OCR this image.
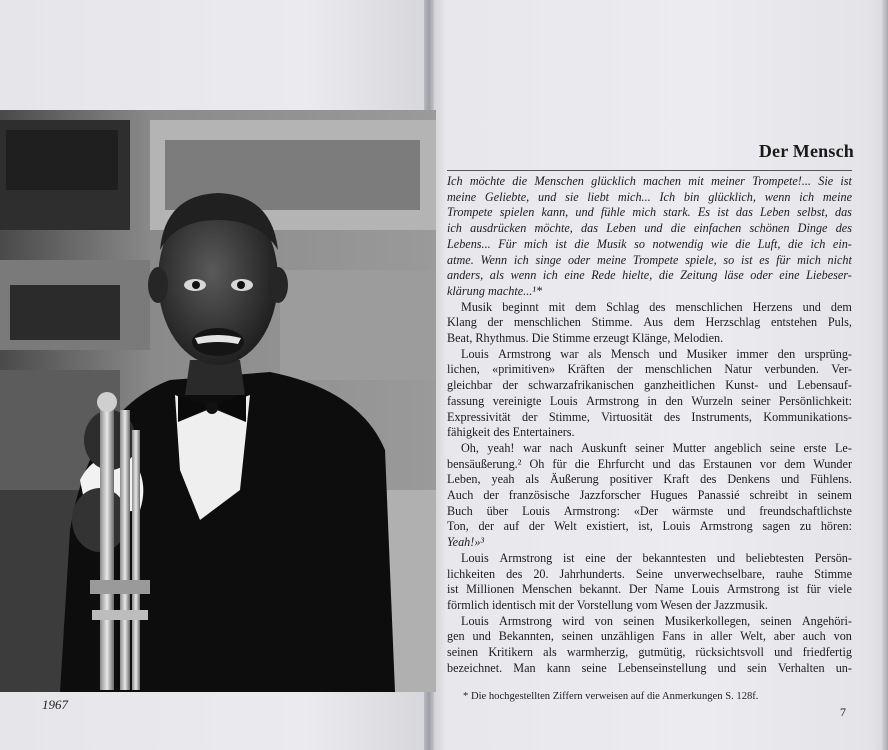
1967
Der Mensch
Ich möchte die Menschen glücklich machen mit meiner Trompete!... Sie ist
meine Geliebte, und sie liebt mich... Ich bin glücklich, wenn ich meine
Trompete spielen kann, und fühle mich stark. Es ist das Leben selbst, das
ich ausdrücken möchte, das Leben und die einfachen schönen Dinge des
Lebens... Für mich ist die Musik so notwendig wie die Luft, die ich ein-
atme. Wenn ich singe oder meine Trompete spiele, so ist es für mich nicht
anders, als wenn ich eine Rede hielte, die Zeitung läse oder eine Liebeser-
klärung machte...¹*
Musik beginnt mit dem Schlag des menschlichen Herzens und dem
Klang der menschlichen Stimme. Aus dem Herzschlag entstehen Puls,
Beat, Rhythmus. Die Stimme erzeugt Klänge, Melodien.
Louis Armstrong war als Mensch und Musiker immer den ursprüng-
lichen, «primitiven» Kräften der menschlichen Natur verbunden. Ver-
gleichbar der schwarzafrikanischen ganzheitlichen Kunst- und Lebensauf-
fassung vereinigte Louis Armstrong in den Wurzeln seiner Persönlichkeit:
Expressivität der Stimme, Virtuosität des Instruments, Kommunikations-
fähigkeit des Entertainers.
Oh, yeah! war nach Auskunft seiner Mutter angeblich seine erste Le-
bensäußerung.² Oh für die Ehrfurcht und das Erstaunen vor dem Wunder
Leben, yeah als Äußerung positiver Kraft des Denkens und Fühlens.
Auch der französische Jazzforscher Hugues Panassié schreibt in seinem
Buch über Louis Armstrong: «Der wärmste und freundschaftlichste
Ton, der auf der Welt existiert, ist, Louis Armstrong sagen zu hören:
Yeah!»³
Louis Armstrong ist eine der bekanntesten und beliebtesten Persön-
lichkeiten des 20. Jahrhunderts. Seine unverwechselbare, rauhe Stimme
ist Millionen Menschen bekannt. Der Name Louis Armstrong ist für viele
förmlich identisch mit der Vorstellung vom Wesen der Jazzmusik.
Louis Armstrong wird von seinen Musikerkollegen, seinen Angehöri-
gen und Bekannten, seinen unzähligen Fans in aller Welt, aber auch von
seinen Kritikern als warmherzig, gutmütig, rücksichtsvoll und friedfertig
bezeichnet. Man kann seine Lebenseinstellung und sein Verhalten un-
* Die hochgestellten Ziffern verweisen auf die Anmerkungen S. 128f.
7
